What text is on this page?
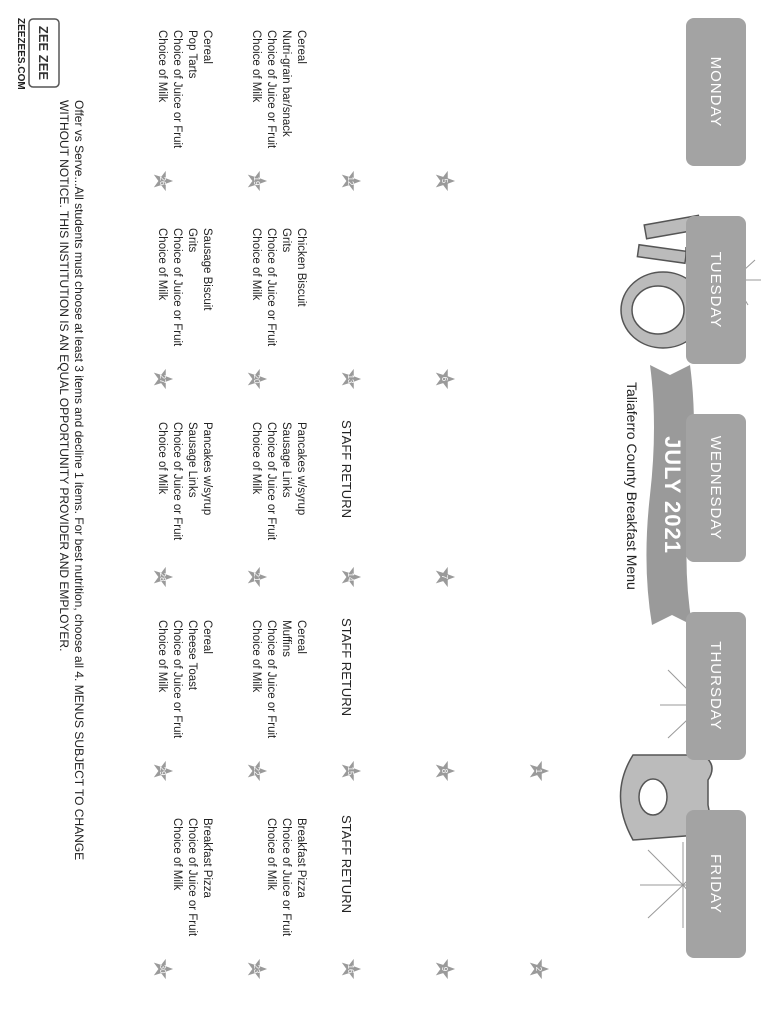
JULY 2021
Taliaferro County Breakfast Menu
MONDAY
TUESDAY
WEDNESDAY
THURSDAY
FRIDAY
1
2
5
6
7
8
9
12
13
14
15
16
19
20
21
22
23
26
27
28
29
30
STAFF RETURN
STAFF RETURN
STAFF RETURN
Cereal
Nutri-grain bar/snack
Choice of Juice or Fruit
Choice of Milk
Chicken Biscuit
Grits
Choice of Juice or Fruit
Choice of Milk
Pancakes w/syrup
Sausage Links
Choice of Juice or Fruit
Choice of Milk
Cereal
Muffins
Choice of Juice or Fruit
Choice of Milk
Breakfast Pizza
Choice of Juice or Fruit
Choice of Milk
Cereal
Pop Tarts
Choice of Juice or Fruit
Choice of Milk
Sausage Biscuit
Grits
Choice of Juice or Fruit
Choice of Milk
Pancakes w/syrup
Sausage Links
Choice of Juice or Fruit
Choice of Milk
Cereal
Cheese Toast
Choice of Juice or Fruit
Choice of Milk
Breakfast Pizza
Choice of Juice or Fruit
Choice of Milk
Offer vs Serve...All students must choose at least 3 items and decline 1 items. For best nutrition, choose all 4. MENUS SUBJECT TO CHANGE
WITHOUT NOTICE. THIS INSTITUTION IS AN EQUAL OPPORTUNITY PROVIDER AND EMPLOYER.
ZEE ZEE
ZEEZEES.COM
